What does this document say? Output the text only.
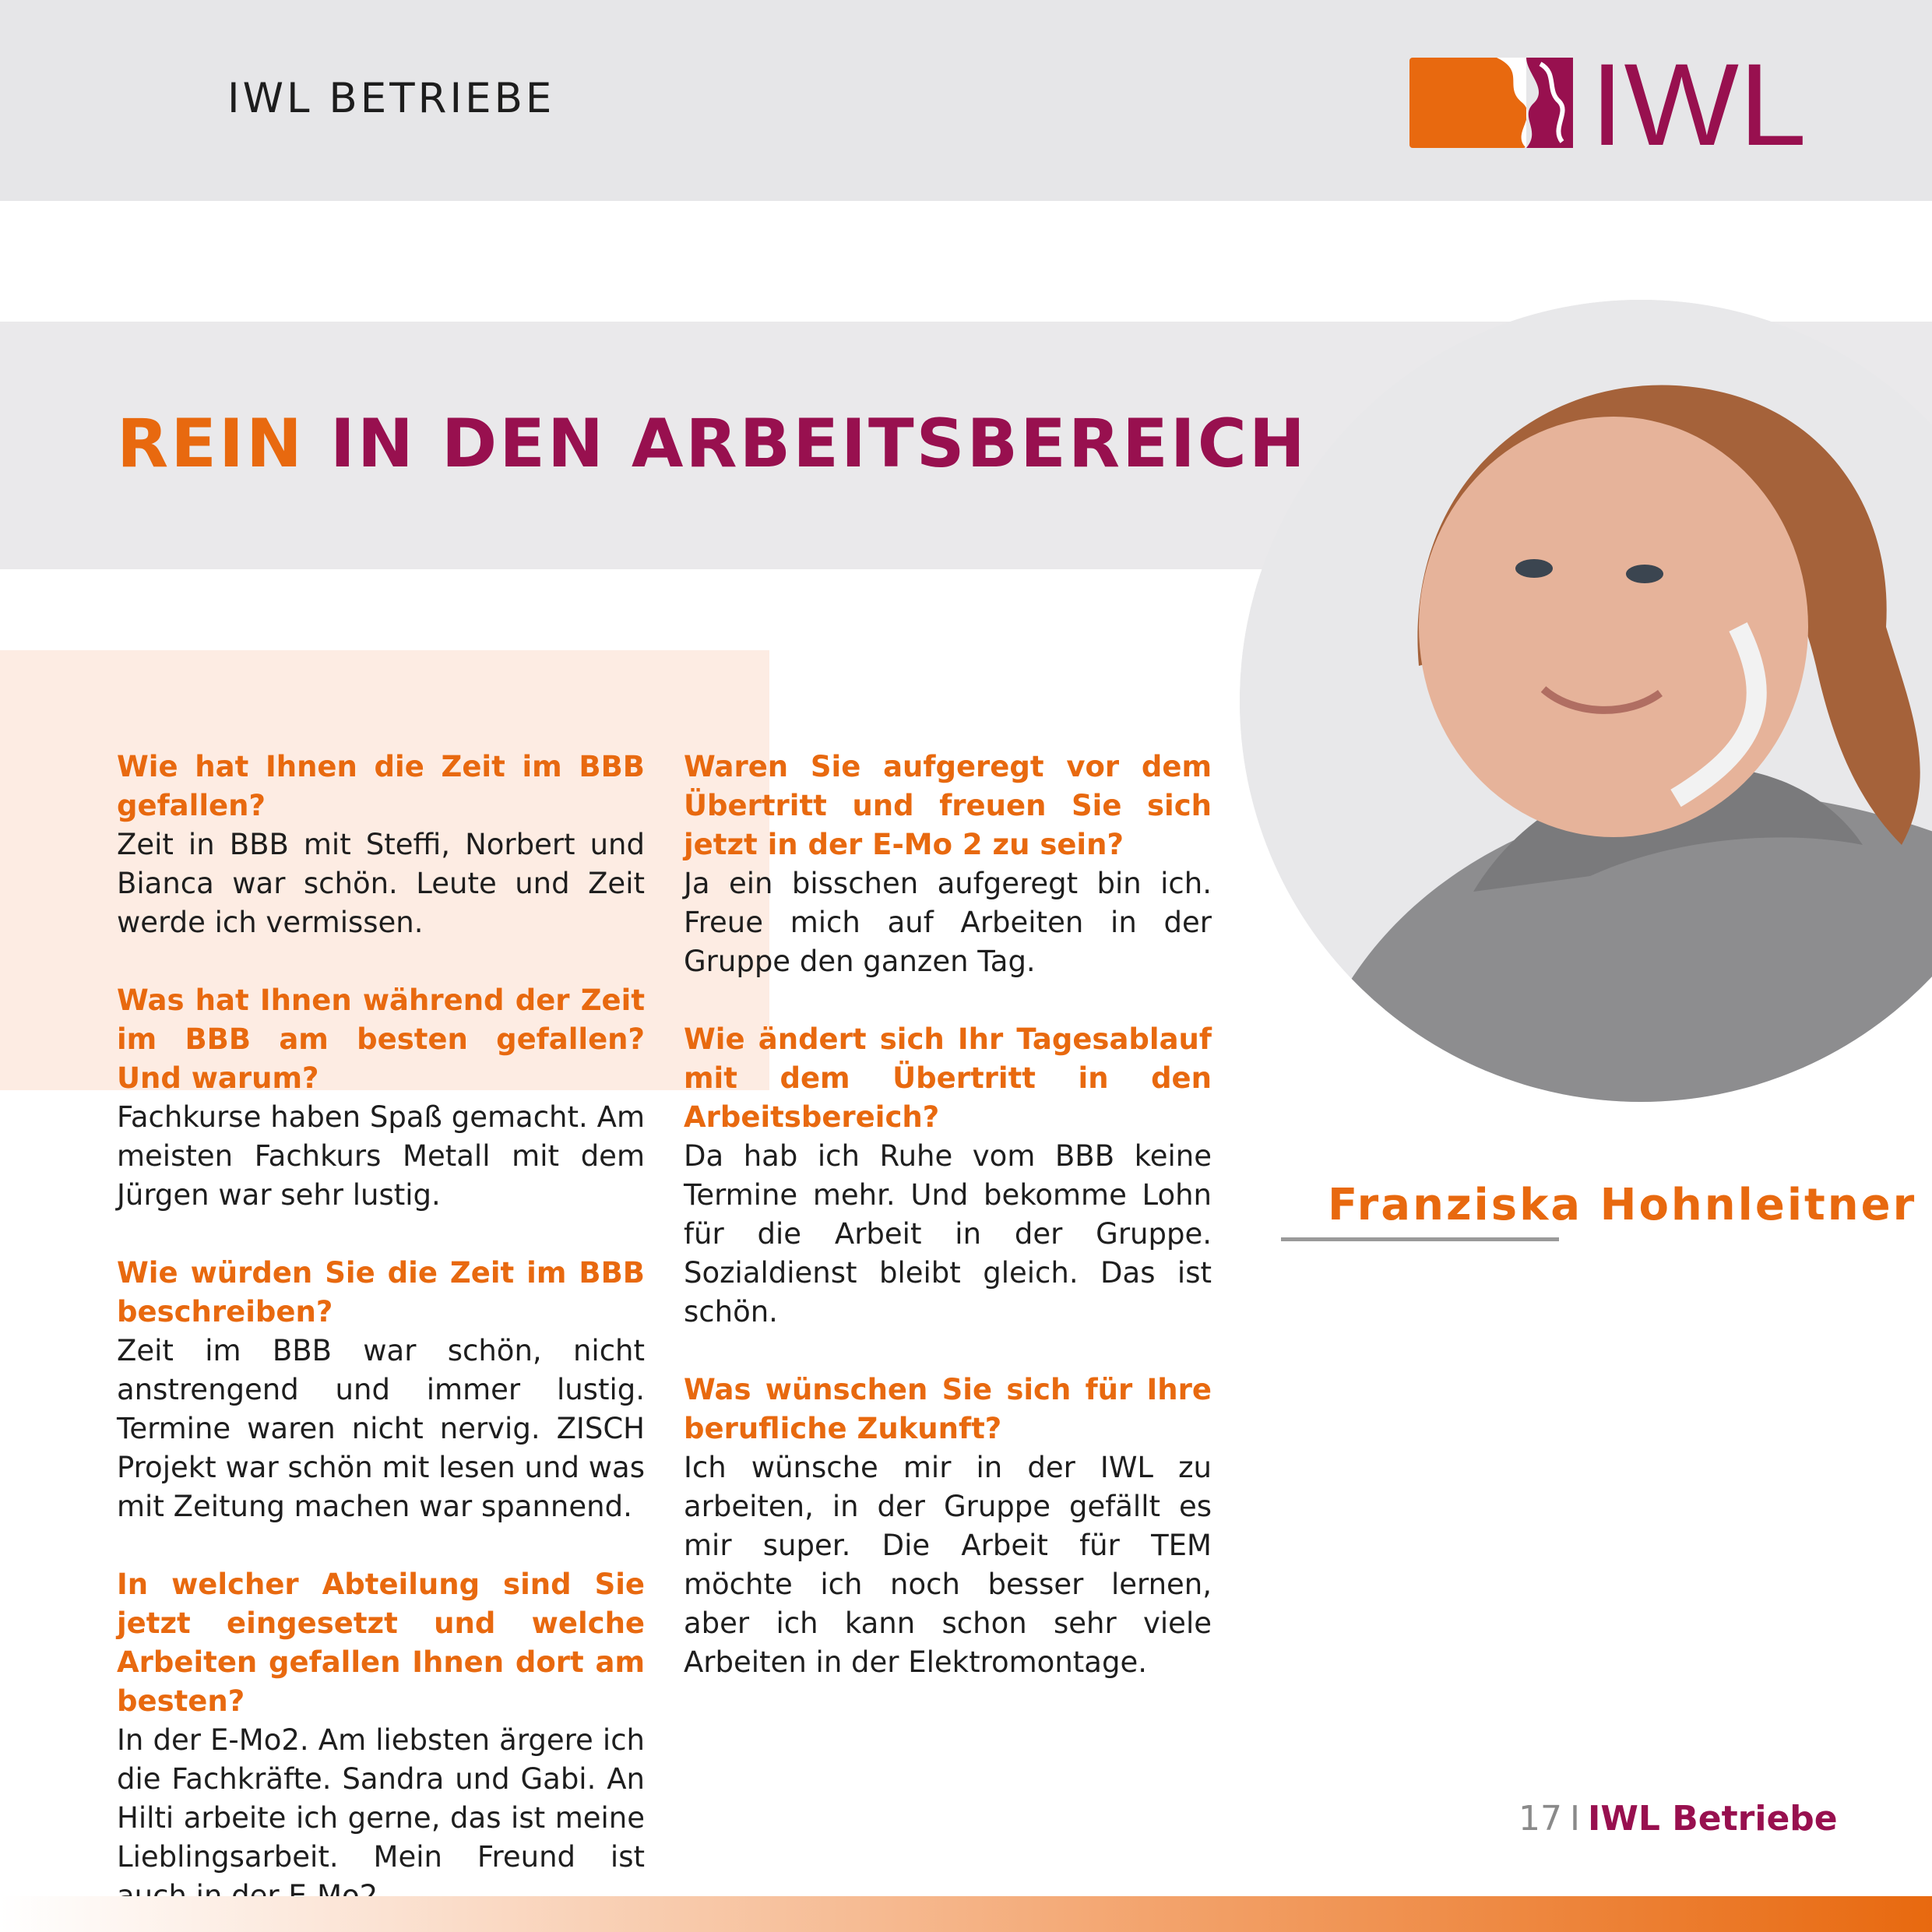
IWL BETRIEBE	IWL
REIN IN DEN ARBEITSBEREICH
Wie hat Ihnen die Zeit im BBB gefallen?
Zeit in BBB mit Steffi, Norbert und Bianca war schön. Leute und Zeit werde ich vermissen.
Was hat Ihnen während der Zeit im BBB am besten gefallen? Und warum?
Fachkurse haben Spaß gemacht. Am meisten Fachkurs Metall mit dem Jürgen war sehr lustig.
Wie würden Sie die Zeit im BBB beschreiben?
Zeit im BBB war schön, nicht anstrengend und immer lustig. Termine waren nicht nervig. ZISCH Projekt war schön mit lesen und was mit Zeitung machen war spannend.
In welcher Abteilung sind Sie jetzt eingesetzt und welche Arbeiten gefallen Ihnen dort am besten?
In der E-Mo2. Am liebsten ärgere ich die Fachkräfte. Sandra und Gabi. An Hilti arbeite ich gerne, das ist meine Lieblingsarbeit. Mein Freund ist
Waren Sie aufgeregt vor dem Übertritt und freuen Sie sich jetzt in der E-Mo 2 zu sein?
Ja ein bisschen aufgeregt bin ich. Freue mich auf Arbeiten in der Gruppe den ganzen Tag.
Wie ändert sich Ihr Tagesablauf mit dem Übertritt in den Arbeitsbereich?
Da hab ich Ruhe vom BBB keine Termine mehr. Und bekomme Lohn für die Arbeit in der Gruppe. Sozialdienst bleibt gleich. Das ist schön.
Was wünschen Sie sich für Ihre berufliche Zukunft?
Ich wünsche mir in der IWL zu arbeiten, in der Gruppe gefällt es mir super. Die Arbeit für TEM möchte ich noch besser lernen, aber ich kann schon sehr viele Arbeiten in der Elektromontage.
Franziska Hohnleitner
17 I IWL Betriebe
